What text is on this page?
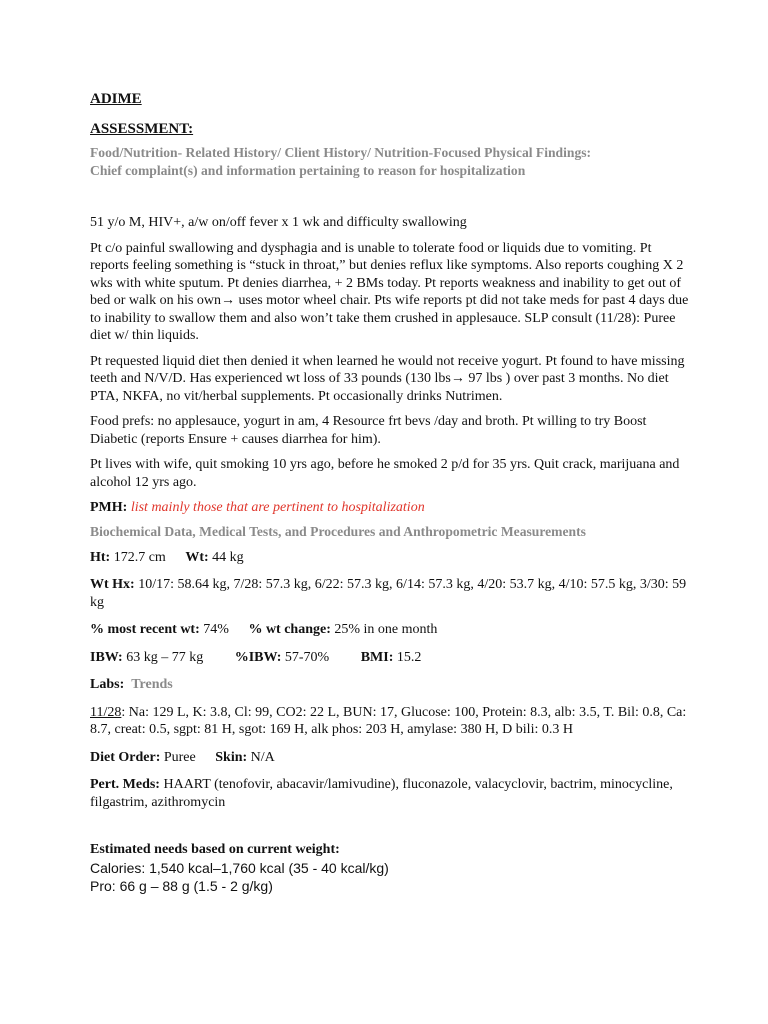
ADIME
ASSESSMENT:
Food/Nutrition- Related History/ Client History/ Nutrition-Focused Physical Findings:
Chief complaint(s) and information pertaining to reason for hospitalization
51 y/o M, HIV+, a/w on/off fever x 1 wk and difficulty swallowing
Pt c/o painful swallowing and dysphagia and is unable to tolerate food or liquids due to vomiting. Pt reports feeling something is “stuck in throat,” but denies reflux like symptoms. Also reports coughing X 2 wks with white sputum. Pt denies diarrhea, + 2 BMs today. Pt reports weakness and inability to get out of bed or walk on his own→ uses motor wheel chair. Pts wife reports pt did not take meds for past 4 days due to inability to swallow them and also won’t take them crushed in applesauce. SLP consult (11/28): Puree diet w/ thin liquids.
Pt requested liquid diet then denied it when learned he would not receive yogurt. Pt found to have missing teeth and N/V/D. Has experienced wt loss of 33 pounds (130 lbs→ 97 lbs ) over past 3 months. No diet PTA, NKFA, no vit/herbal supplements. Pt occasionally drinks Nutrimen.
Food prefs: no applesauce, yogurt in am, 4 Resource frt bevs /day and broth. Pt willing to try Boost Diabetic (reports Ensure + causes diarrhea for him).
Pt lives with wife, quit smoking 10 yrs ago, before he smoked 2 p/d for 35 yrs. Quit crack, marijuana and alcohol 12 yrs ago.
PMH: list mainly those that are pertinent to hospitalization
Biochemical Data, Medical Tests, and Procedures and Anthropometric Measurements
Ht: 172.7 cm Wt: 44 kg
Wt Hx: 10/17: 58.64 kg, 7/28: 57.3 kg, 6/22: 57.3 kg, 6/14: 57.3 kg, 4/20: 53.7 kg, 4/10: 57.5 kg, 3/30: 59 kg
% most recent wt: 74% % wt change: 25% in one month
IBW: 63 kg – 77 kg %IBW: 57-70% BMI: 15.2
Labs: Trends
11/28: Na: 129 L, K: 3.8, Cl: 99, CO2: 22 L, BUN: 17, Glucose: 100, Protein: 8.3, alb: 3.5, T. Bil: 0.8, Ca: 8.7, creat: 0.5, sgpt: 81 H, sgot: 169 H, alk phos: 203 H, amylase: 380 H, D bili: 0.3 H
Diet Order: Puree Skin: N/A
Pert. Meds: HAART (tenofovir, abacavir/lamivudine), fluconazole, valacyclovir, bactrim, minocycline, filgastrim, azithromycin
Estimated needs based on current weight:
Calories: 1,540 kcal–1,760 kcal (35 - 40 kcal/kg)
Pro: 66 g – 88 g (1.5 - 2 g/kg)
